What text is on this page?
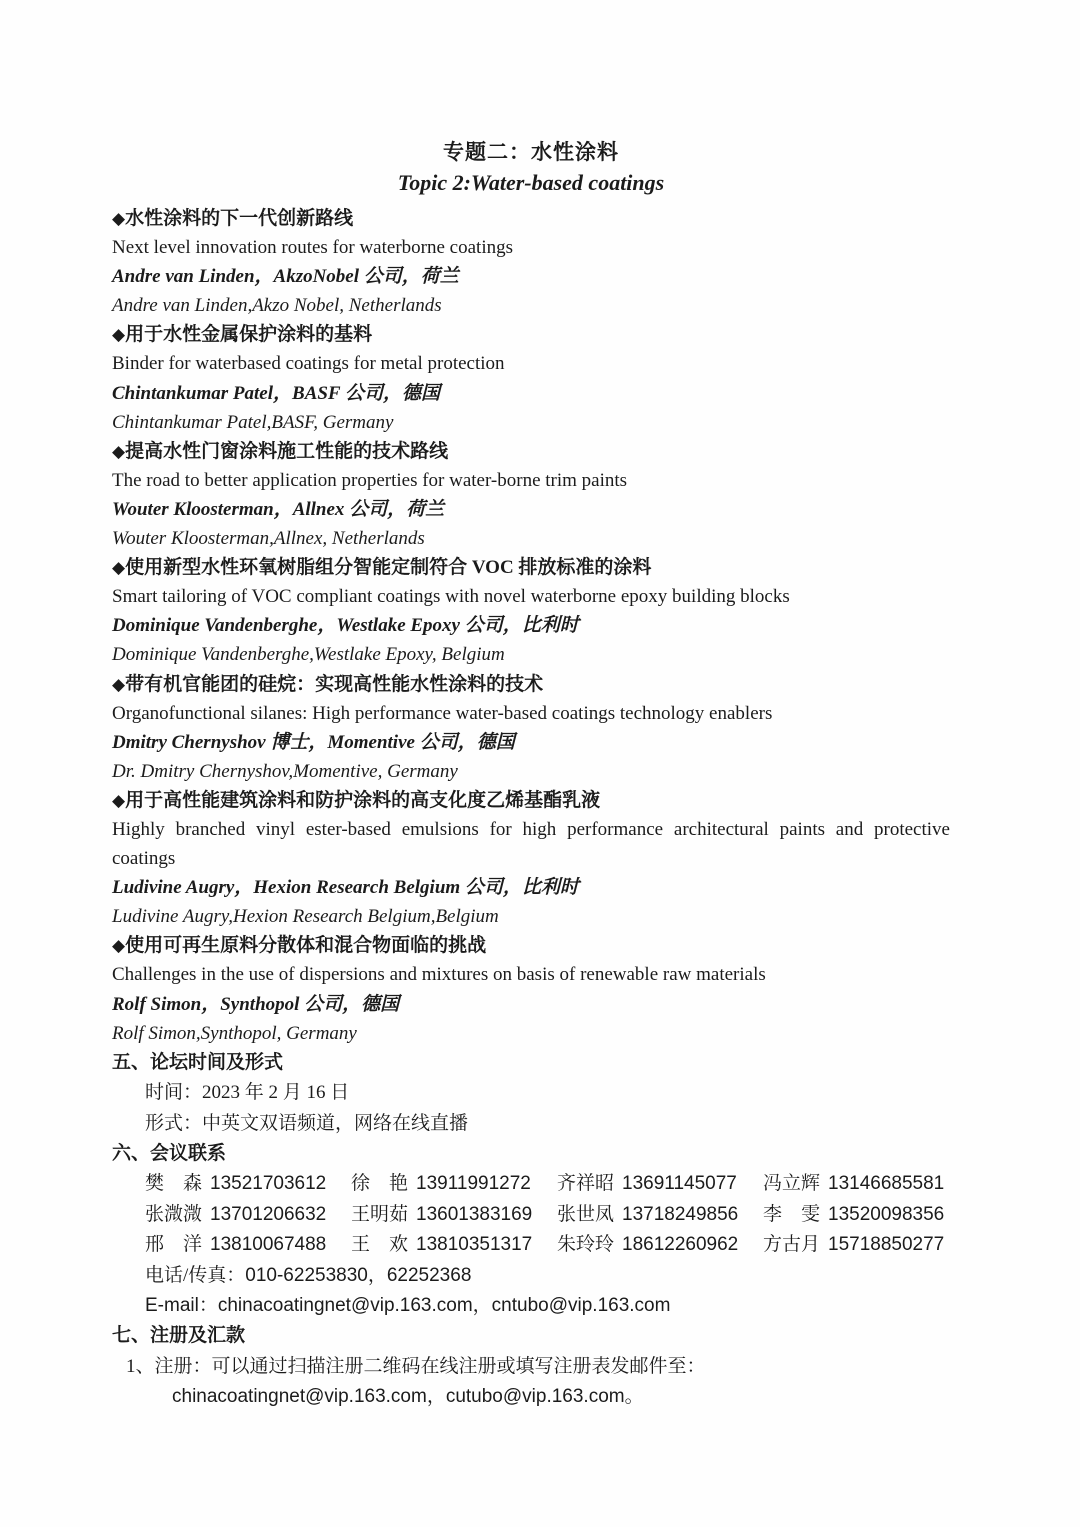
专题二：水性涂料
Topic 2:Water-based coatings
◆水性涂料的下一代创新路线
Next level innovation routes for waterborne coatings
Andre van Linden，AkzoNobel 公司，荷兰
Andre van Linden,Akzo Nobel, Netherlands
◆用于水性金属保护涂料的基料
Binder for waterbased coatings for metal protection
Chintankumar Patel，BASF 公司，德国
Chintankumar Patel,BASF, Germany
◆提高水性门窗涂料施工性能的技术路线
The road to better application properties for water-borne trim paints
Wouter Kloosterman，Allnex 公司，荷兰
Wouter Kloosterman,Allnex, Netherlands
◆使用新型水性环氧树脂组分智能定制符合 VOC 排放标准的涂料
Smart tailoring of VOC compliant coatings with novel waterborne epoxy building blocks
Dominique Vandenberghe，Westlake Epoxy 公司，比利时
Dominique Vandenberghe,Westlake Epoxy, Belgium
◆带有机官能团的硅烷：实现高性能水性涂料的技术
Organofunctional silanes: High performance water-based coatings technology enablers
Dmitry Chernyshov 博士，Momentive 公司，德国
Dr. Dmitry Chernyshov,Momentive, Germany
◆用于高性能建筑涂料和防护涂料的高支化度乙烯基酯乳液
Highly branched vinyl ester-based emulsions for high performance architectural paints and protective coatings
Ludivine Augry，Hexion Research Belgium 公司，比利时
Ludivine Augry,Hexion Research Belgium,Belgium
◆使用可再生原料分散体和混合物面临的挑战
Challenges in the use of dispersions and mixtures on basis of renewable raw materials
Rolf Simon，Synthopol 公司，德国
Rolf Simon,Synthopol, Germany
五、论坛时间及形式
时间：2023 年 2 月 16 日
形式：中英文双语频道，网络在线直播
六、会议联系
樊　森 13521703612	徐　艳 13911991272	齐祥昭 13691145077	冯立辉 13146685581
张溦溦 13701206632	王明茹 13601383169	张世凤 13718249856	李　雯 13520098356
邢　洋 13810067488	王　欢 13810351317	朱玲玲 18612260962	方古月 15718850277
电话/传真：010-62253830，62252368
E-mail：chinacoatingnet@vip.163.com，cntubo@vip.163.com
七、注册及汇款
1、注册：可以通过扫描注册二维码在线注册或填写注册表发邮件至：
chinacoatingnet@vip.163.com，cutubo@vip.163.com。
